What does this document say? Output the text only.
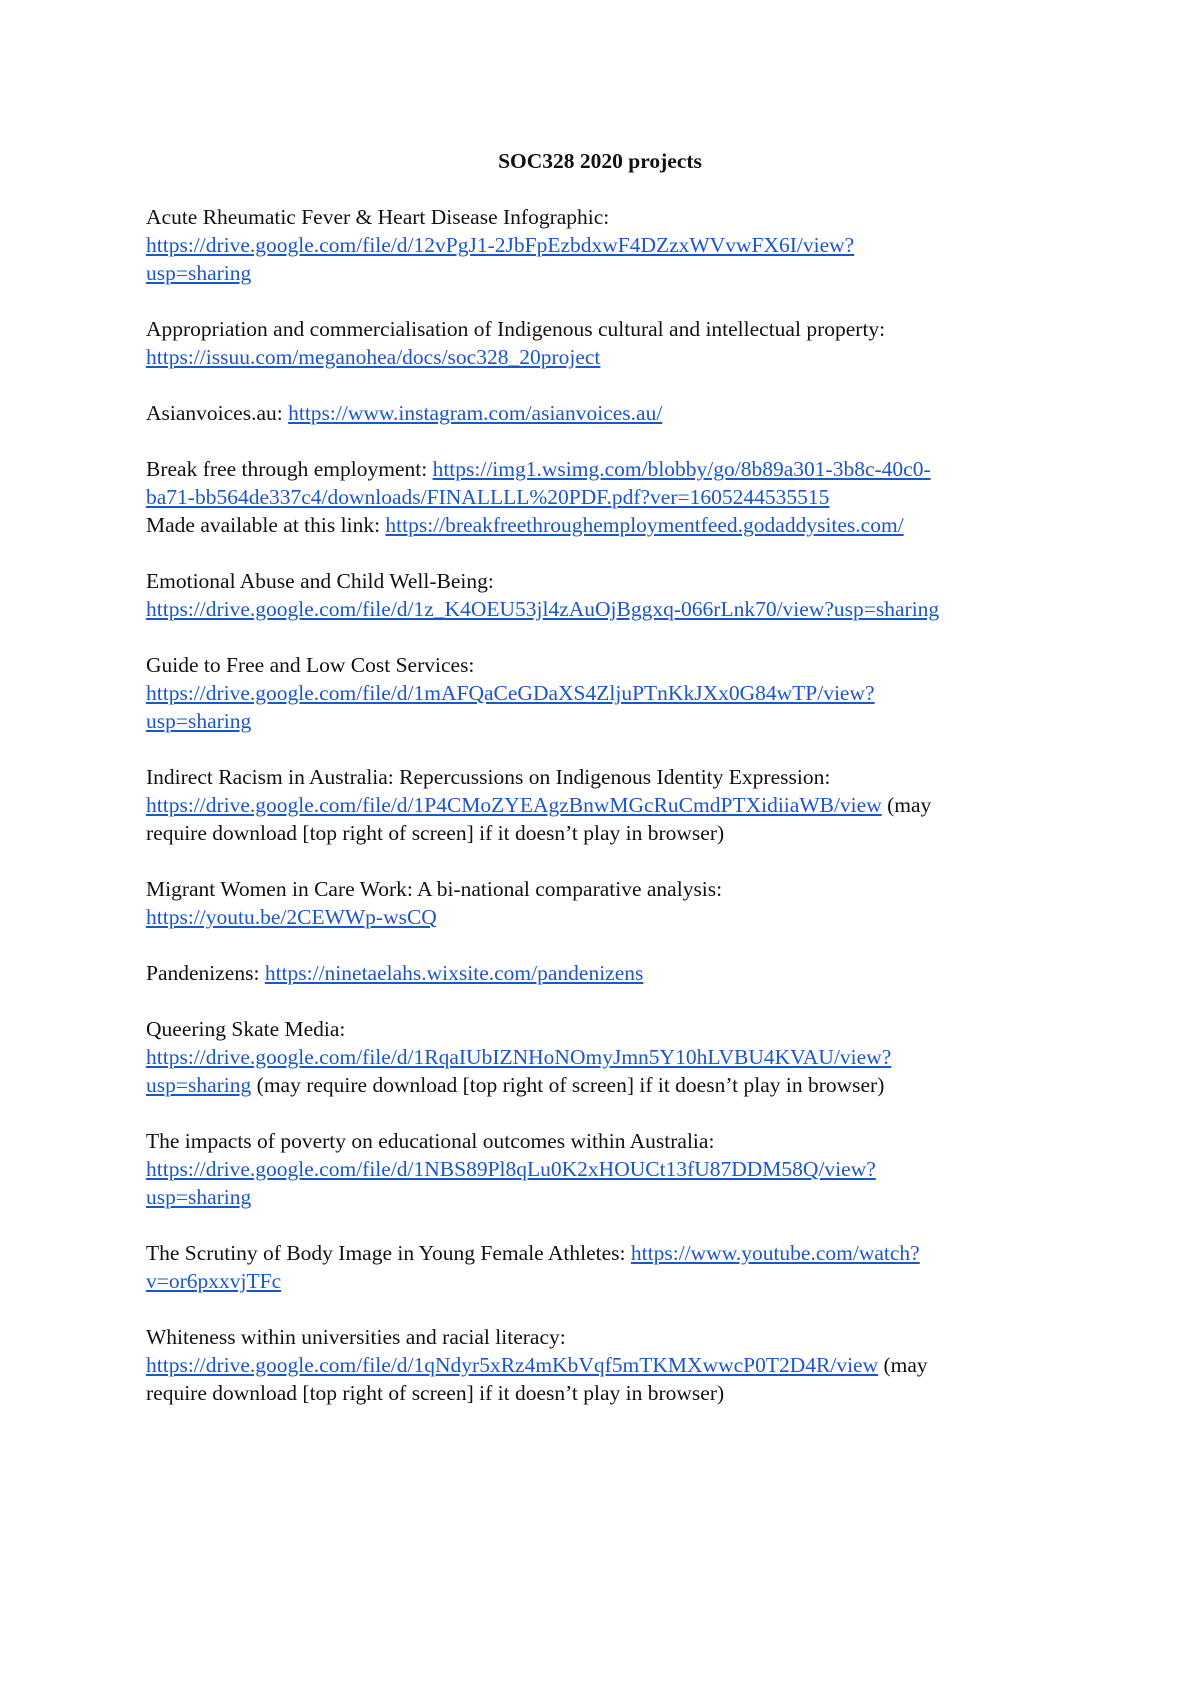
SOC328 2020 projects
Acute Rheumatic Fever & Heart Disease Infographic:
https://drive.google.com/file/d/12vPgJ1-2JbFpEzbdxwF4DZzxWVvwFX6I/view?
usp=sharing
Appropriation and commercialisation of Indigenous cultural and intellectual property:
https://issuu.com/meganohea/docs/soc328_20project
Asianvoices.au: https://www.instagram.com/asianvoices.au/
Break free through employment: https://img1.wsimg.com/blobby/go/8b89a301-3b8c-40c0-
ba71-bb564de337c4/downloads/FINALLLL%20PDF.pdf?ver=1605244535515
Made available at this link: https://breakfreethroughemploymentfeed.godaddysites.com/
Emotional Abuse and Child Well-Being:
https://drive.google.com/file/d/1z_K4OEU53jl4zAuOjBggxq-066rLnk70/view?usp=sharing
Guide to Free and Low Cost Services:
https://drive.google.com/file/d/1mAFQaCeGDaXS4ZljuPTnKkJXx0G84wTP/view?
usp=sharing
Indirect Racism in Australia: Repercussions on Indigenous Identity Expression:
https://drive.google.com/file/d/1P4CMoZYEAgzBnwMGcRuCmdPTXidiiaWB/view (may
require download [top right of screen] if it doesn’t play in browser)
Migrant Women in Care Work: A bi-national comparative analysis:
https://youtu.be/2CEWWp-wsCQ
Pandenizens: https://ninetaelahs.wixsite.com/pandenizens
Queering Skate Media:
https://drive.google.com/file/d/1RqaIUbIZNHoNOmyJmn5Y10hLVBU4KVAU/view?
usp=sharing (may require download [top right of screen] if it doesn’t play in browser)
The impacts of poverty on educational outcomes within Australia:
https://drive.google.com/file/d/1NBS89Pl8qLu0K2xHOUCt13fU87DDM58Q/view?
usp=sharing
The Scrutiny of Body Image in Young Female Athletes: https://www.youtube.com/watch?
v=or6pxxvjTFc
Whiteness within universities and racial literacy:
https://drive.google.com/file/d/1qNdyr5xRz4mKbVqf5mTKMXwwcP0T2D4R/view (may
require download [top right of screen] if it doesn’t play in browser)
